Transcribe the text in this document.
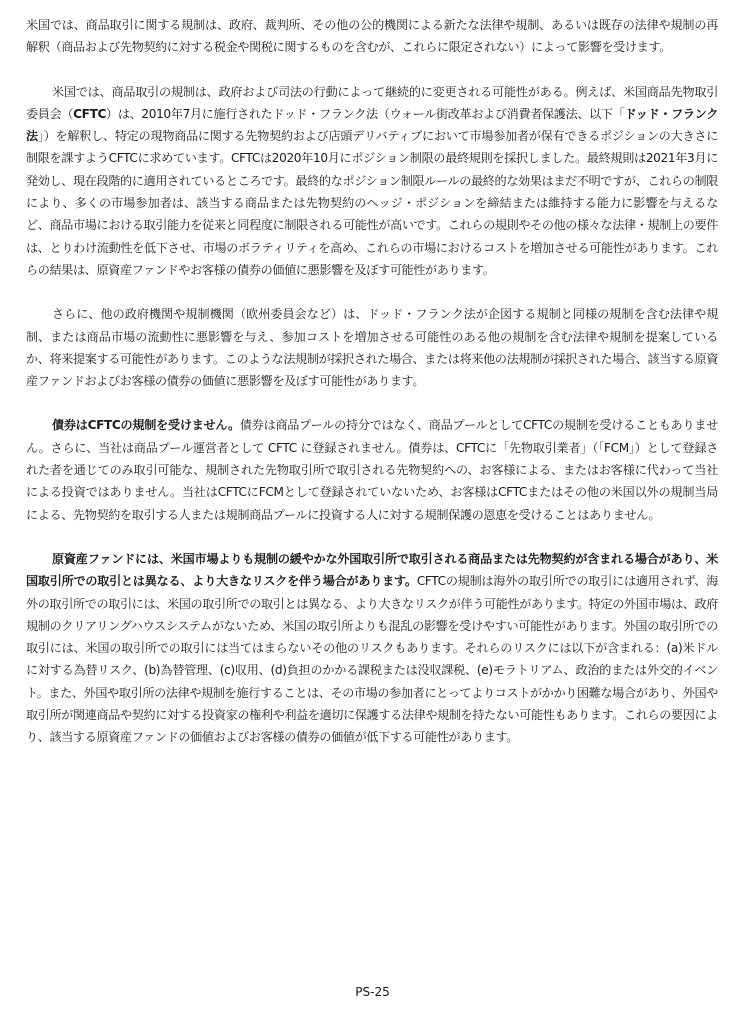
米国では、商品取引に関する規制は、政府、裁判所、その他の公的機関による新たな法律や規制、あるいは既存の法律や規制の再解釈（商品および先物契約に対する税金や関税に関するものを含むが、これらに限定されない）によって影響を受けます。

米国では、商品取引の規制は、政府および司法の行動によって継続的に変更される可能性がある。例えば、米国商品先物取引委員会（CFTC）は、2010年7月に施行されたドッド・フランク法（ウォール街改革および消費者保護法、以下「ドッド・フランク法」）を解釈し、特定の現物商品に関する先物契約および店頭デリバティブにおいて市場参加者が保有できるポジションの大きさに制限を課すようCFTCに求めています。CFTCは2020年10月にポジション制限の最終規則を採択しました。最終規則は2021年3月に発効し、現在段階的に適用されているところです。最終的なポジション制限ルールの最終的な効果はまだ不明ですが、これらの制限により、多くの市場参加者は、該当する商品または先物契約のヘッジ・ポジションを締結または維持する能力に影響を与えるなど、商品市場における取引能力を従来と同程度に制限される可能性が高いです。これらの規則やその他の様々な法律・規制上の要件は、とりわけ流動性を低下させ、市場のボラティリティを高め、これらの市場におけるコストを増加させる可能性があります。これらの結果は、原資産ファンドやお客様の債券の価値に悪影響を及ぼす可能性があります。

さらに、他の政府機関や規制機関（欧州委員会など）は、ドッド・フランク法が企図する規制と同様の規制を含む法律や規制、または商品市場の流動性に悪影響を与え、参加コストを増加させる可能性のある他の規制を含む法律や規制を提案しているか、将来提案する可能性があります。このような法規制が採択された場合、または将来他の法規制が採択された場合、該当する原資産ファンドおよびお客様の債券の価値に悪影響を及ぼす可能性があります。

債券はCFTCの規制を受けません。債券は商品プールの持分ではなく、商品プールとしてCFTCの規制を受けることもありません。さらに、当社は商品プール運営者として CFTC に登録されません。債券は、CFTCに「先物取引業者」（「FCM」）として登録された者を通じてのみ取引可能な、規制された先物取引所で取引される先物契約への、お客様による、またはお客様に代わって当社による投資ではありません。当社はCFTCにFCMとして登録されていないため、お客様はCFTCまたはその他の米国以外の規制当局による、先物契約を取引する人または規制商品プールに投資する人に対する規制保護の恩恵を受けることはありません。

原資産ファンドには、米国市場よりも規制の緩やかな外国取引所で取引される商品または先物契約が含まれる場合があり、米国取引所での取引とは異なる、より大きなリスクを伴う場合があります。CFTCの規制は海外の取引所での取引には適用されず、海外の取引所での取引には、米国の取引所での取引とは異なる、より大きなリスクが伴う可能性があります。特定の外国市場は、政府規制のクリアリングハウスシステムがないため、米国の取引所よりも混乱の影響を受けやすい可能性があります。外国の取引所での取引には、米国の取引所での取引には当てはまらないその他のリスクもあります。それらのリスクには以下が含まれる：(a)米ドルに対する為替リスク、(b)為替管理、(c)収用、(d)負担のかかる課税または没収課税、(e)モラトリアム、政治的または外交的イベント。また、外国や取引所の法律や規制を施行することは、その市場の参加者にとってよりコストがかかり困難な場合があり、外国や取引所が関連商品や契約に対する投資家の権利や利益を適切に保護する法律や規制を持たない可能性もあります。これらの要因により、該当する原資産ファンドの価値およびお客様の債券の価値が低下する可能性があります。

PS-25
